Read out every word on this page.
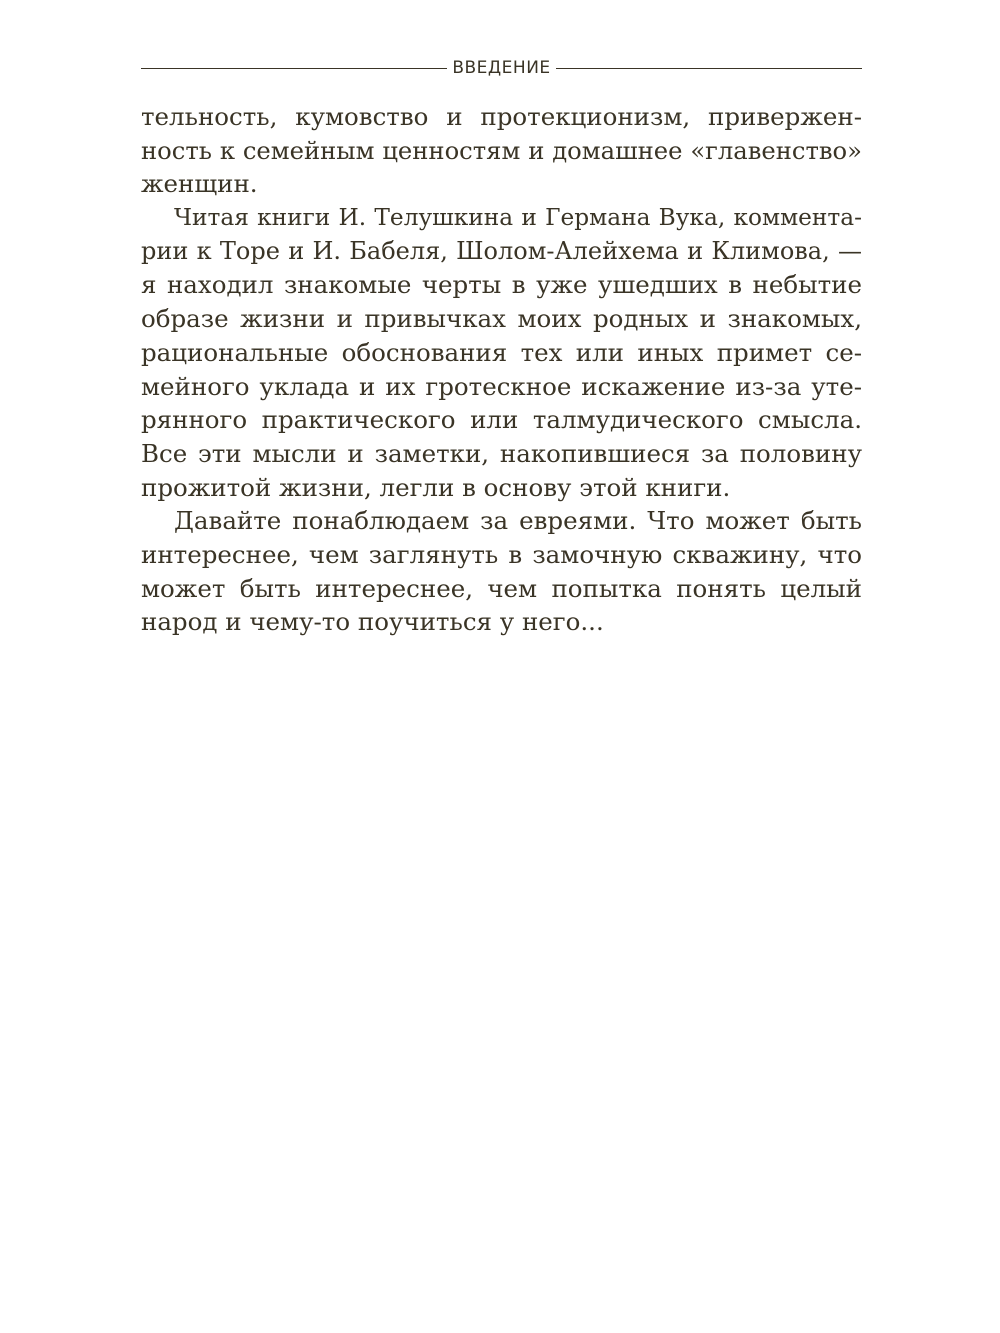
ВВЕДЕНИЕ
тельность, кумовство и протекционизм, привержен-
ность к семейным ценностям и домашнее «главенство»
женщин.
Читая книги И. Телушкина и Германа Вука, коммента-
рии к Торе и И. Бабеля, Шолом-Алейхема и Климова, —
я находил знакомые черты в уже ушедших в небытие
образе жизни и привычках моих родных и знакомых,
рациональные обоснования тех или иных примет се-
мейного уклада и их гротескное искажение из-за уте-
рянного практического или талмудического смысла.
Все эти мысли и заметки, накопившиеся за половину
прожитой жизни, легли в основу этой книги.
Давайте понаблюдаем за евреями. Что может быть
интереснее, чем заглянуть в замочную скважину, что
может быть интереснее, чем попытка понять целый
народ и чему-то поучиться у него...
